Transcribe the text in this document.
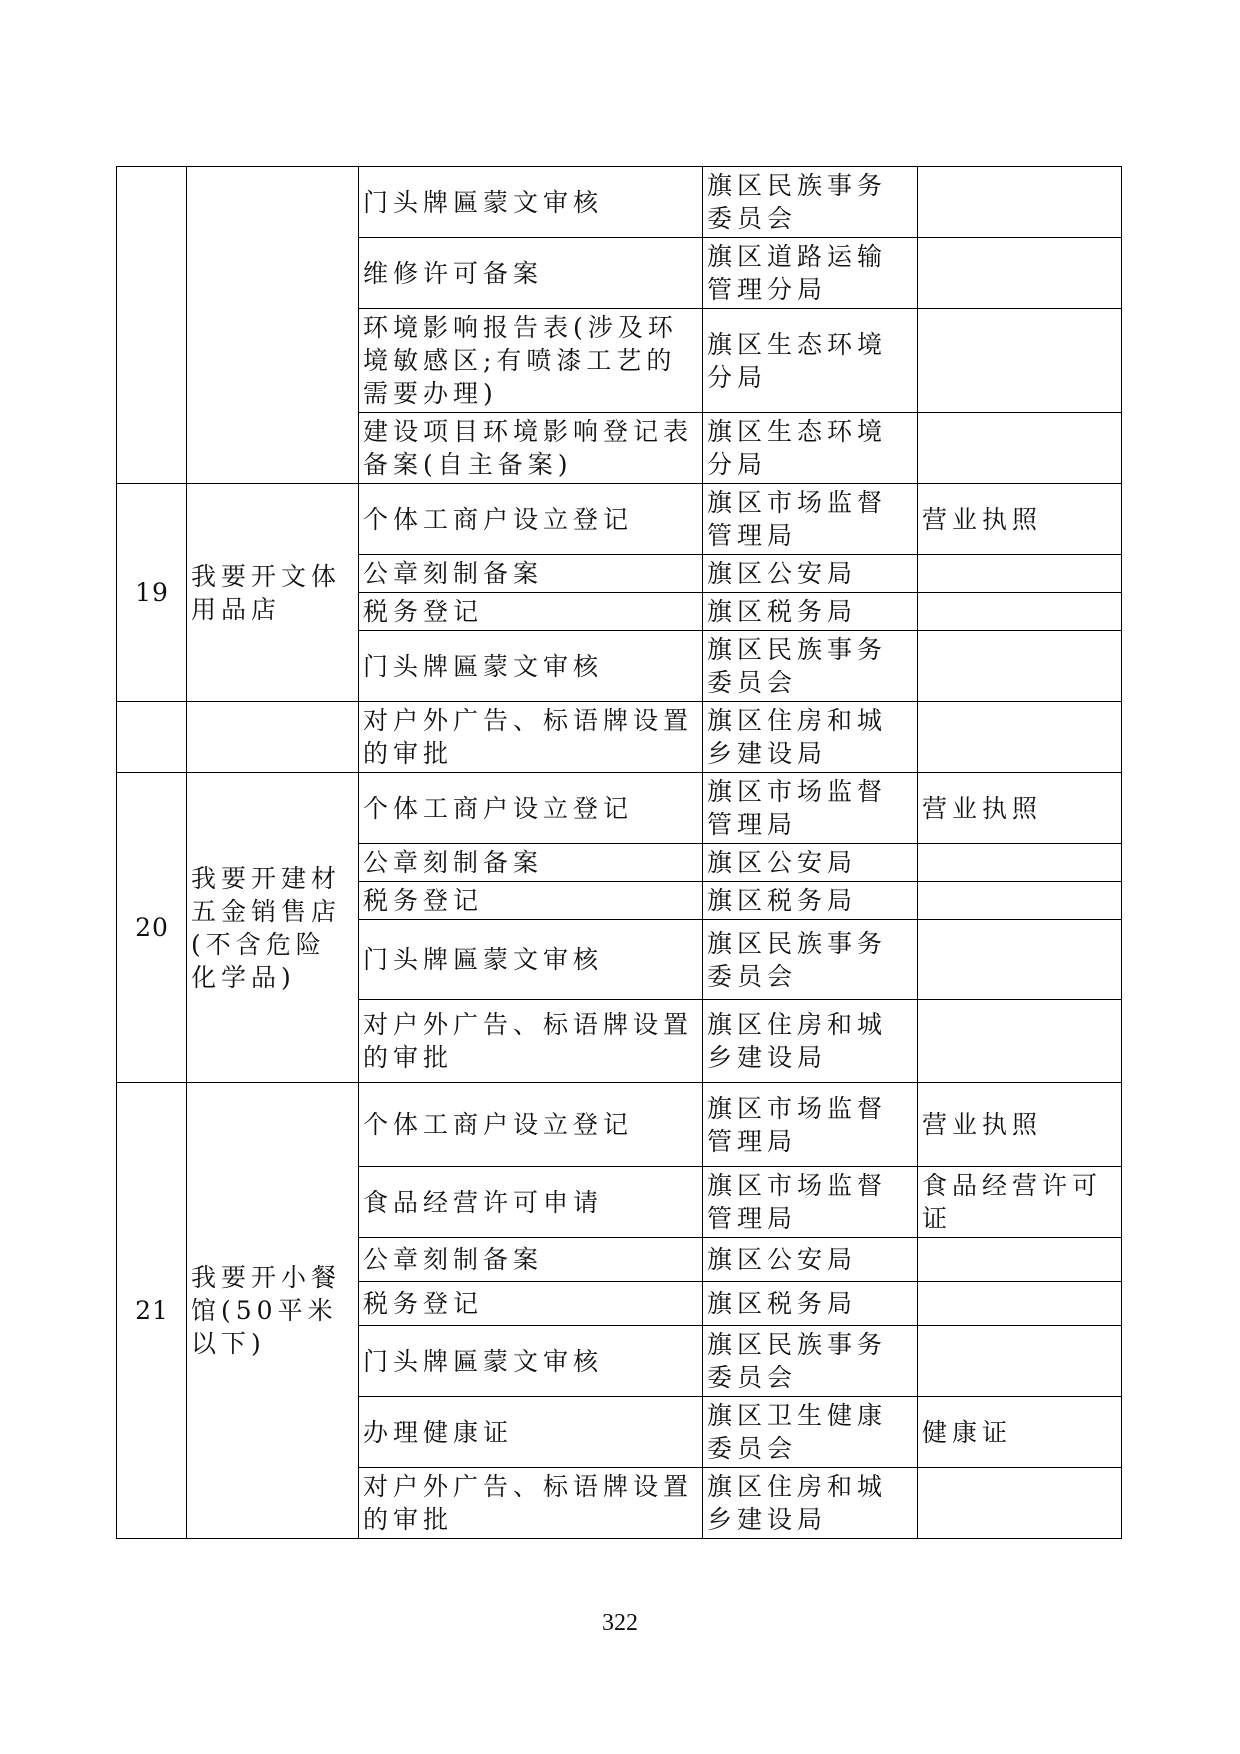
		门头牌匾蒙文审核	旗区民族事务委员会	
		维修许可备案	旗区道路运输管理分局	
		环境影响报告表(涉及环境敏感区;有喷漆工艺的需要办理)	旗区生态环境分局	
		建设项目环境影响登记表备案(自主备案)	旗区生态环境分局	
19	我要开文体用品店	个体工商户设立登记	旗区市场监督管理局	营业执照
		公章刻制备案	旗区公安局	
		税务登记	旗区税务局	
		门头牌匾蒙文审核	旗区民族事务委员会	
		对户外广告、标语牌设置的审批	旗区住房和城乡建设局	
20	我要开建材五金销售店(不含危险化学品)	个体工商户设立登记	旗区市场监督管理局	营业执照
		公章刻制备案	旗区公安局	
		税务登记	旗区税务局	
		门头牌匾蒙文审核	旗区民族事务委员会	
		对户外广告、标语牌设置的审批	旗区住房和城乡建设局	
21	我要开小餐馆(50平米以下)	个体工商户设立登记	旗区市场监督管理局	营业执照
		食品经营许可申请	旗区市场监督管理局	食品经营许可证
		公章刻制备案	旗区公安局	
		税务登记	旗区税务局	
		门头牌匾蒙文审核	旗区民族事务委员会	
		办理健康证	旗区卫生健康委员会	健康证
		对户外广告、标语牌设置的审批	旗区住房和城乡建设局	
322
